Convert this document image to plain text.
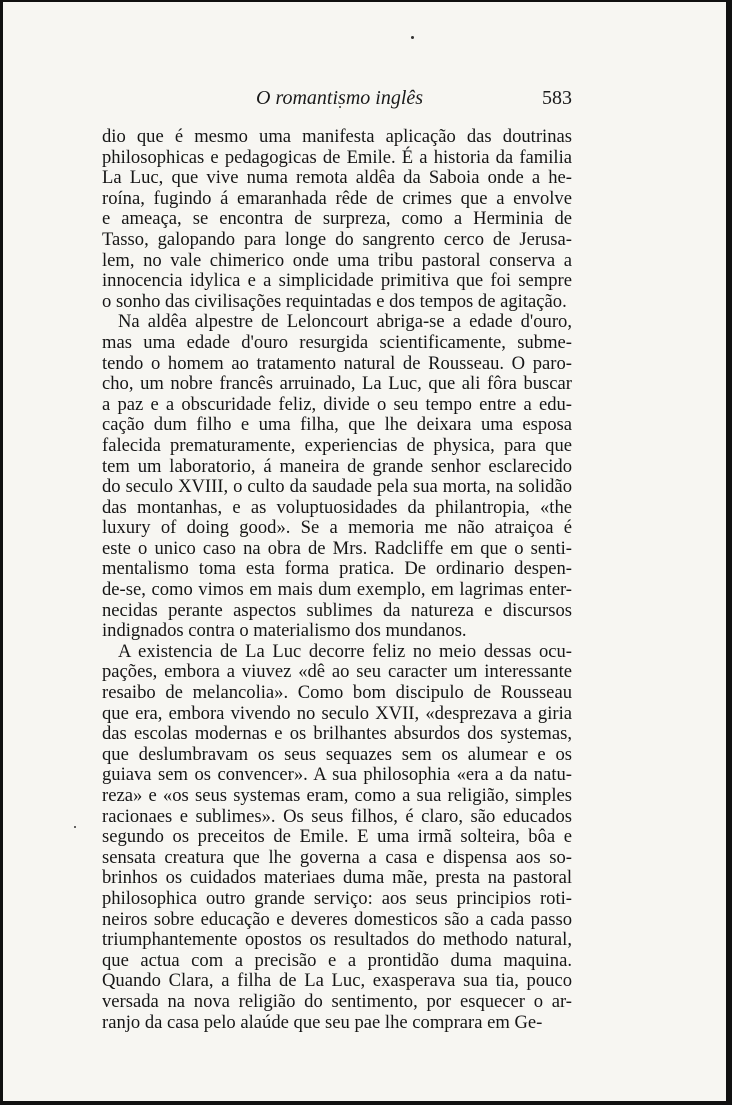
O romantismo inglês	583
dio que é mesmo uma manifesta aplicação das doutrinas
philosophicas e pedagogicas de Emile. É a historia da familia
La Luc, que vive numa remota aldêa da Saboia onde a he-
roína, fugindo á emaranhada rêde de crimes que a envolve
e ameaça, se encontra de surpreza, como a Herminia de
Tasso, galopando para longe do sangrento cerco de Jerusa-
lem, no vale chimerico onde uma tribu pastoral conserva a
innocencia idylica e a simplicidade primitiva que foi sempre
o sonho das civilisações requintadas e dos tempos de agitação.
Na aldêa alpestre de Leloncourt abriga-se a edade d'ouro,
mas uma edade d'ouro resurgida scientificamente, subme-
tendo o homem ao tratamento natural de Rousseau. O paro-
cho, um nobre francês arruinado, La Luc, que ali fôra buscar
a paz e a obscuridade feliz, divide o seu tempo entre a edu-
cação dum filho e uma filha, que lhe deixara uma esposa
falecida prematuramente, experiencias de physica, para que
tem um laboratorio, á maneira de grande senhor esclarecido
do seculo XVIII, o culto da saudade pela sua morta, na solidão
das montanhas, e as voluptuosidades da philantropia, «the
luxury of doing good». Se a memoria me não atraiçoa é
este o unico caso na obra de Mrs. Radcliffe em que o senti-
mentalismo toma esta forma pratica. De ordinario despen-
de-se, como vimos em mais dum exemplo, em lagrimas enter-
necidas perante aspectos sublimes da natureza e discursos
indignados contra o materialismo dos mundanos.
A existencia de La Luc decorre feliz no meio dessas ocu-
pações, embora a viuvez «dê ao seu caracter um interessante
resaibo de melancolia». Como bom discipulo de Rousseau
que era, embora vivendo no seculo XVII, «desprezava a giria
das escolas modernas e os brilhantes absurdos dos systemas,
que deslumbravam os seus sequazes sem os alumear e os
guiava sem os convencer». A sua philosophia «era a da natu-
reza» e «os seus systemas eram, como a sua religião, simples
racionaes e sublimes». Os seus filhos, é claro, são educados
segundo os preceitos de Emile. E uma irmã solteira, bôa e
sensata creatura que lhe governa a casa e dispensa aos so-
brinhos os cuidados materiaes duma mãe, presta na pastoral
philosophica outro grande serviço: aos seus principios roti-
neiros sobre educação e deveres domesticos são a cada passo
triumphantemente opostos os resultados do methodo natural,
que actua com a precisão e a prontidão duma maquina.
Quando Clara, a filha de La Luc, exasperava sua tia, pouco
versada na nova religião do sentimento, por esquecer o ar-
ranjo da casa pelo alaúde que seu pae lhe comprara em Ge-
